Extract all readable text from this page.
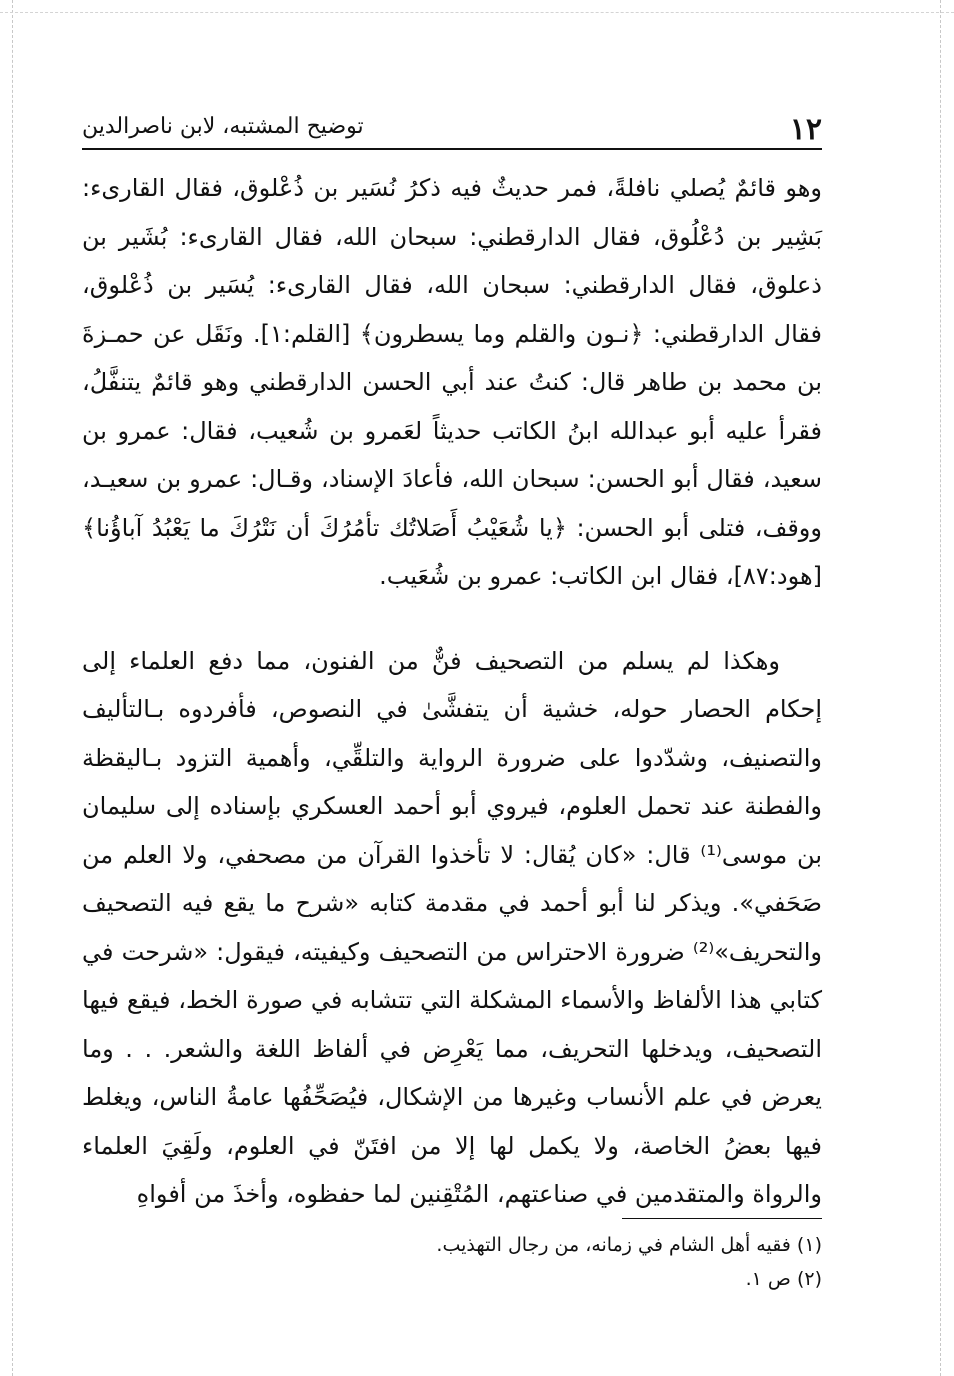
١٢
توضيح المشتبه، لابن ناصرالدين

وهو قائمٌ يُصلي نافلةً، فمر حديثٌ فيه ذكرُ نُسَير بن ذُعْلوق، فقال القارىء: بَشِير بن دُعْلُوق، فقال الدارقطني: سبحان الله، فقال القارىء: بُشَير بن ذعلوق، فقال الدارقطني: سبحان الله، فقال القارىء: يُسَير بن ذُعْلوق، فقال الدارقطني: ﴿نـون والقلم وما يسطرون﴾ [القلم:١]. ونَقَل عن حمـزةَ بن محمد بن طاهر قال: كنتُ عند أبي الحسن الدارقطني وهو قائمٌ يتنفَّلُ، فقرأ عليه أبو عبدالله ابنُ الكاتب حديثاً لعَمرو بن شُعيب، فقال: عمرو بن سعيد، فقال أبو الحسن: سبحان الله، فأعادَ الإسناد، وقـال: عمرو بن سعيـد، ووقف، فتلى أبو الحسن: ﴿يا شُعَيْبُ أَصَلاتُك تأمُرُكَ أن نَتْرُكَ ما يَعْبُدُ آباؤُنا﴾ [هود:٨٧]، فقال ابن الكاتب: عمرو بن شُعَيب.

وهكذا لم يسلم من التصحيف فنٌّ من الفنون، مما دفع العلماء إلى إحكام الحصار حوله، خشية أن يتفشَّىٰ في النصوص، فأفردوه بـالتأليف والتصنيف، وشدّدوا على ضرورة الرواية والتلقِّي، وأهمية التزود بـاليقظة والفطنة عند تحمل العلوم، فيروي أبو أحمد العسكري بإسناده إلى سليمان بن موسى⁽¹⁾ قال: «كان يُقال: لا تأخذوا القرآن من مصحفي، ولا العلم من صَحَفي». ويذكر لنا أبو أحمد في مقدمة كتابه «شرح ما يقع فيه التصحيف والتحريف»⁽²⁾ ضرورة الاحتراس من التصحيف وكيفيته، فيقول: «شرحت في كتابي هذا الألفاظ والأسماء المشكلة التي تتشابه في صورة الخط، فيقع فيها التصحيف، ويدخلها التحريف، مما يَعْرِض في ألفاظ اللغة والشعر. . . وما يعرض في علم الأنساب وغيرها من الإشكال، فيُصَحِّفُها عامةُ الناس، ويغلط فيها بعضُ الخاصة، ولا يكمل لها إلا من افتَنّ في العلوم، ولَقِيَ العلماء والرواة والمتقدمين في صناعتهم، المُتْقِنين لما حفظوه، وأخذَ من أفواهِ

(١) فقيه أهل الشام في زمانه، من رجال التهذيب.
(٢) ص ١.
